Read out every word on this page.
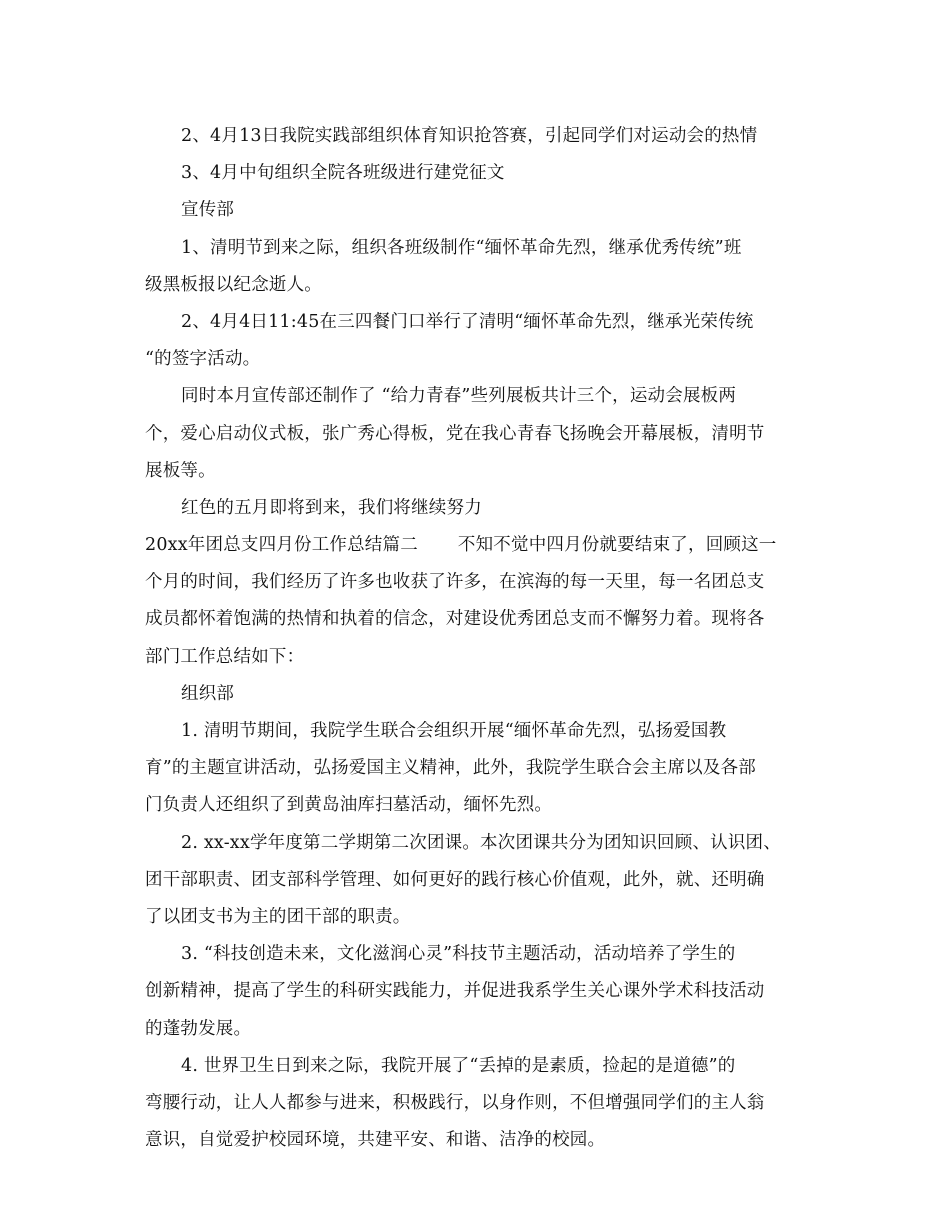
2、4月13日我院实践部组织体育知识抢答赛，引起同学们对运动会的热情
3、4月中旬组织全院各班级进行建党征文
宣传部
1、清明节到来之际，组织各班级制作“缅怀革命先烈，继承优秀传统”班
级黑板报以纪念逝人。
2、4月4日11:45在三四餐门口举行了清明“缅怀革命先烈，继承光荣传统
“的签字活动。
同时本月宣传部还制作了 “给力青春”些列展板共计三个，运动会展板两
个，爱心启动仪式板，张广秀心得板，党在我心青春飞扬晚会开幕展板，清明节
展板等。
红色的五月即将到来，我们将继续努力
20xx年团总支四月份工作总结篇二 不知不觉中四月份就要结束了，回顾这一
个月的时间，我们经历了许多也收获了许多，在滨海的每一天里，每一名团总支
成员都怀着饱满的热情和执着的信念，对建设优秀团总支而不懈努力着。现将各
部门工作总结如下：
组织部
1. 清明节期间，我院学生联合会组织开展“缅怀革命先烈，弘扬爱国教
育”的主题宣讲活动，弘扬爱国主义精神，此外，我院学生联合会主席以及各部
门负责人还组织了到黄岛油库扫墓活动，缅怀先烈。
2. xx-xx学年度第二学期第二次团课。本次团课共分为团知识回顾、认识团、
团干部职责、团支部科学管理、如何更好的践行核心价值观，此外，就、还明确
了以团支书为主的团干部的职责。
3. “科技创造未来，文化滋润心灵”科技节主题活动，活动培养了学生的
创新精神，提高了学生的科研实践能力，并促进我系学生关心课外学术科技活动
的蓬勃发展。
4. 世界卫生日到来之际，我院开展了“丢掉的是素质，捡起的是道德”的
弯腰行动，让人人都参与进来，积极践行，以身作则，不但增强同学们的主人翁
意识，自觉爱护校园环境，共建平安、和谐、洁净的校园。
